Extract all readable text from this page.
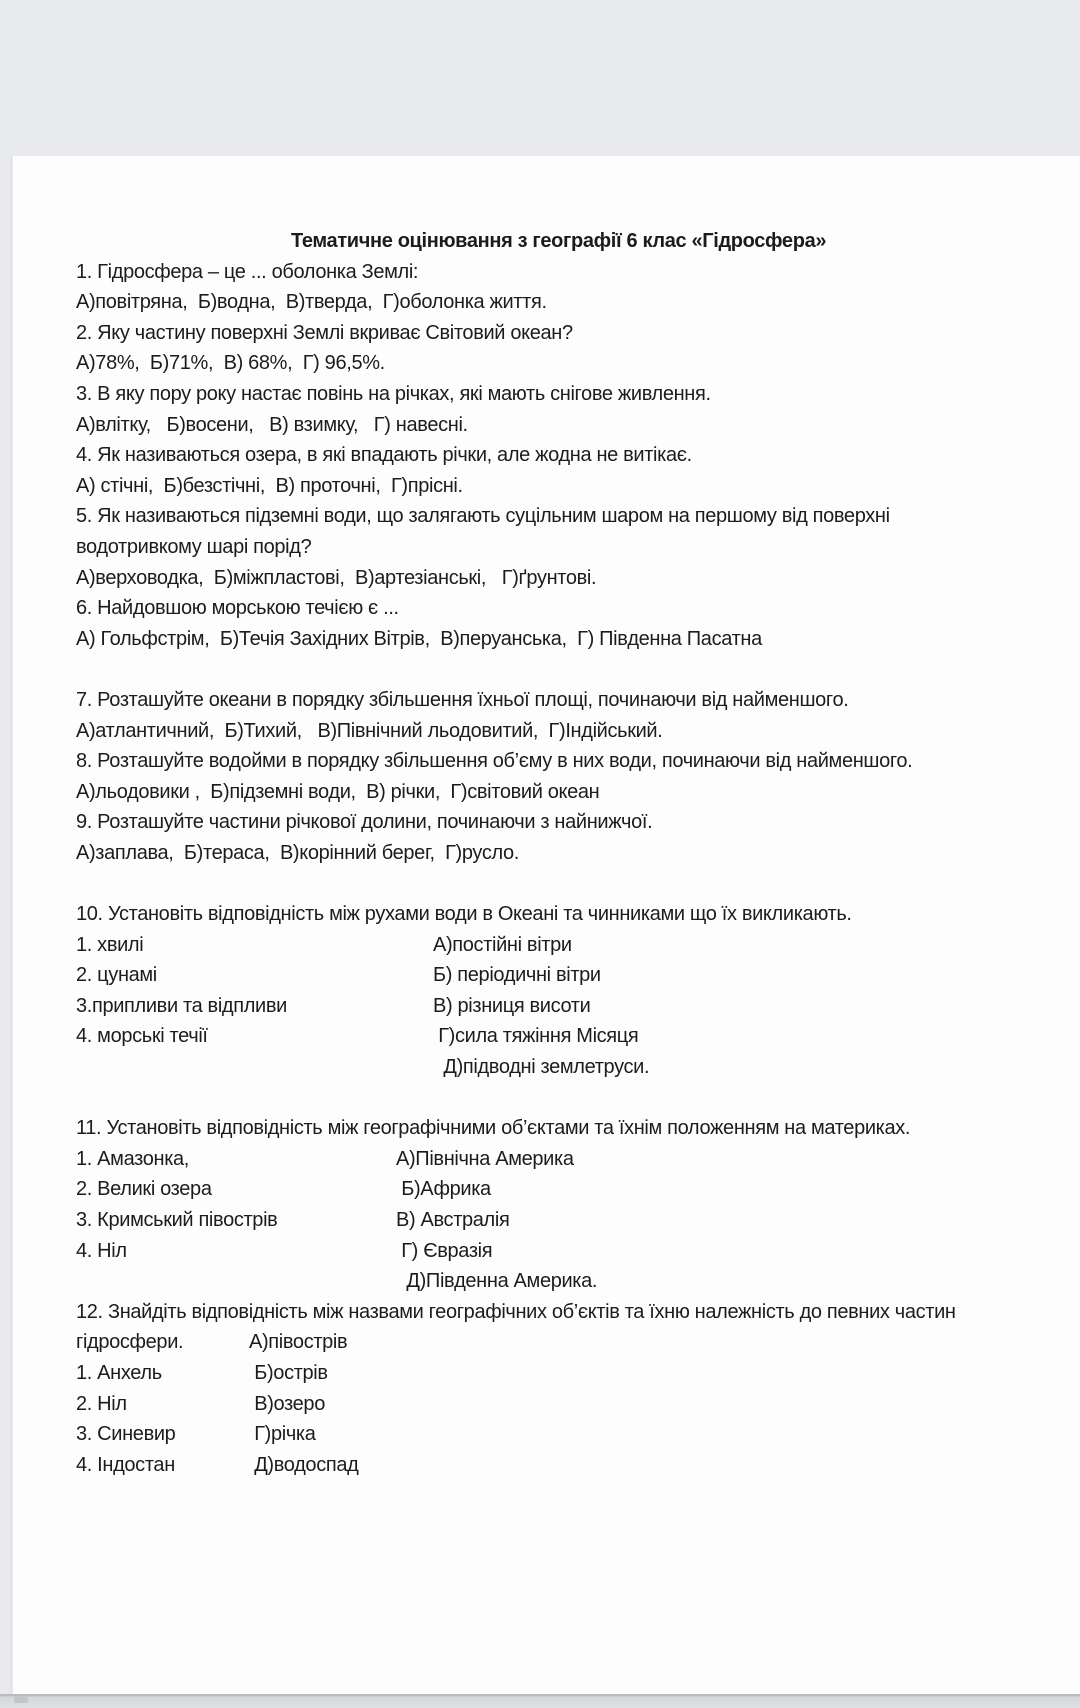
Тематичне оцінювання з географії 6 клас «Гідросфера»
1. Гідросфера – це ... оболонка Землі:
А)повітряна,  Б)водна,  В)тверда,  Г)оболонка життя.
2. Яку частину поверхні Землі вкриває Світовий океан?
А)78%,  Б)71%,  В) 68%,  Г) 96,5%.
3. В яку пору року настає повінь на річках, які мають снігове живлення.
А)влітку,   Б)восени,   В) взимку,   Г) навесні.
4. Як називаються озера, в які впадають річки, але жодна не витікає.
А) стічні,  Б)безстічні,  В) проточні,  Г)прісні.
5. Як називаються підземні води, що залягають суцільним шаром на першому від поверхні
водотривкому шарі порід?
А)верховодка,  Б)міжпластові,  В)артезіанські,   Г)ґрунтові.
6. Найдовшою морською течією є ...
А) Гольфстрім,  Б)Течія Західних Вітрів,  В)перуанська,  Г) Південна Пасатна
7. Розташуйте океани в порядку збільшення їхньої площі, починаючи від найменшого.
А)атлантичний,  Б)Тихий,   В)Північний льодовитий,  Г)Індійський.
8. Розташуйте водойми в порядку збільшення об’єму в них води, починаючи від найменшого.
А)льодовики ,  Б)підземні води,  В) річки,  Г)світовий океан
9. Розташуйте частини річкової долини, починаючи з найнижчої.
А)заплава,  Б)тераса,  В)корінний берег,  Г)русло.
10. Установіть відповідність між рухами води в Океані та чинниками що їх викликають.
1. хвилі	А)постійні вітри
2. цунамі	Б) періодичні вітри
3.припливи та відпливи	В) різниця висоти
4. морські течії	Г)сила тяжіння Місяця
Д)підводні землетруси.
11. Установіть відповідність між географічними об’єктами та їхнім положенням на материках.
1. Амазонка,	А)Північна Америка
2. Великі озера	Б)Африка
3. Кримський півострів	В) Австралія
4. Ніл	Г) Євразія
Д)Південна Америка.
12. Знайдіть відповідність між назвами географічних об’єктів та їхню належність до певних частин
гідросфери.	А)півострів
1. Анхель	Б)острів
2. Ніл	В)озеро
3. Синевир	Г)річка
4. Індостан	Д)водоспад
